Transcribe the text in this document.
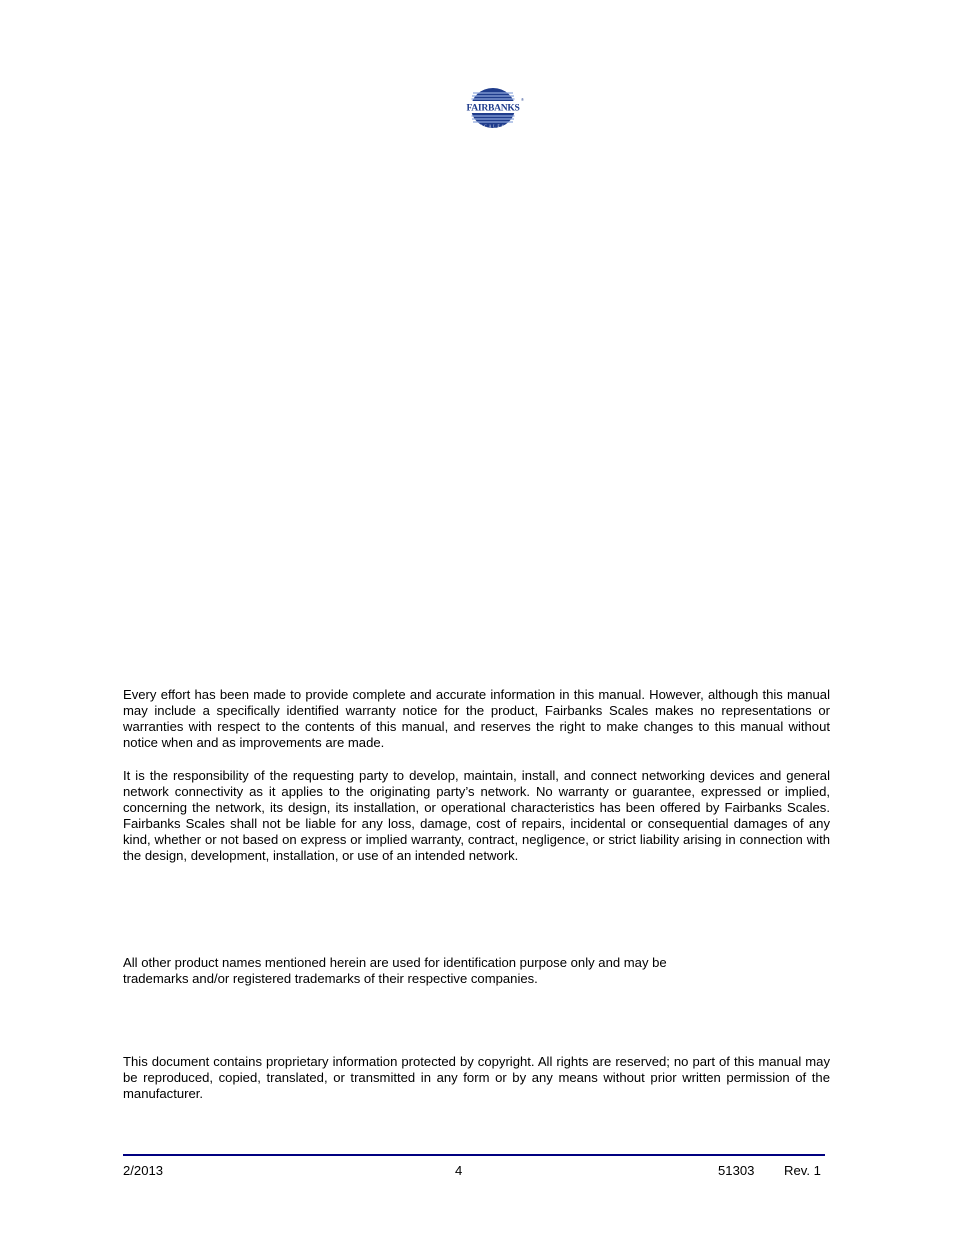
FAIRBANKS
®
SCALES

Every effort has been made to provide complete and accurate information in this manual. However, although this manual may include a specifically identified warranty notice for the product, Fairbanks Scales makes no representations or warranties with respect to the contents of this manual, and reserves the right to make changes to this manual without notice when and as improvements are made.

It is the responsibility of the requesting party to develop, maintain, install, and connect networking devices and general network connectivity as it applies to the originating party’s network. No warranty or guarantee, expressed or implied, concerning the network, its design, its installation, or operational characteristics has been offered by Fairbanks Scales. Fairbanks Scales shall not be liable for any loss, damage, cost of repairs, incidental or consequential damages of any kind, whether or not based on express or implied warranty, contract, negligence, or strict liability arising in connection with the design, development, installation, or use of an intended network.

All other product names mentioned herein are used for identification purpose only and may be
trademarks and/or registered trademarks of their respective companies.

This document contains proprietary information protected by copyright. All rights are reserved; no part of this manual may be reproduced, copied, translated, or transmitted in any form or by any means without prior written permission of the manufacturer.

2/2013	4	51303 Rev. 1
